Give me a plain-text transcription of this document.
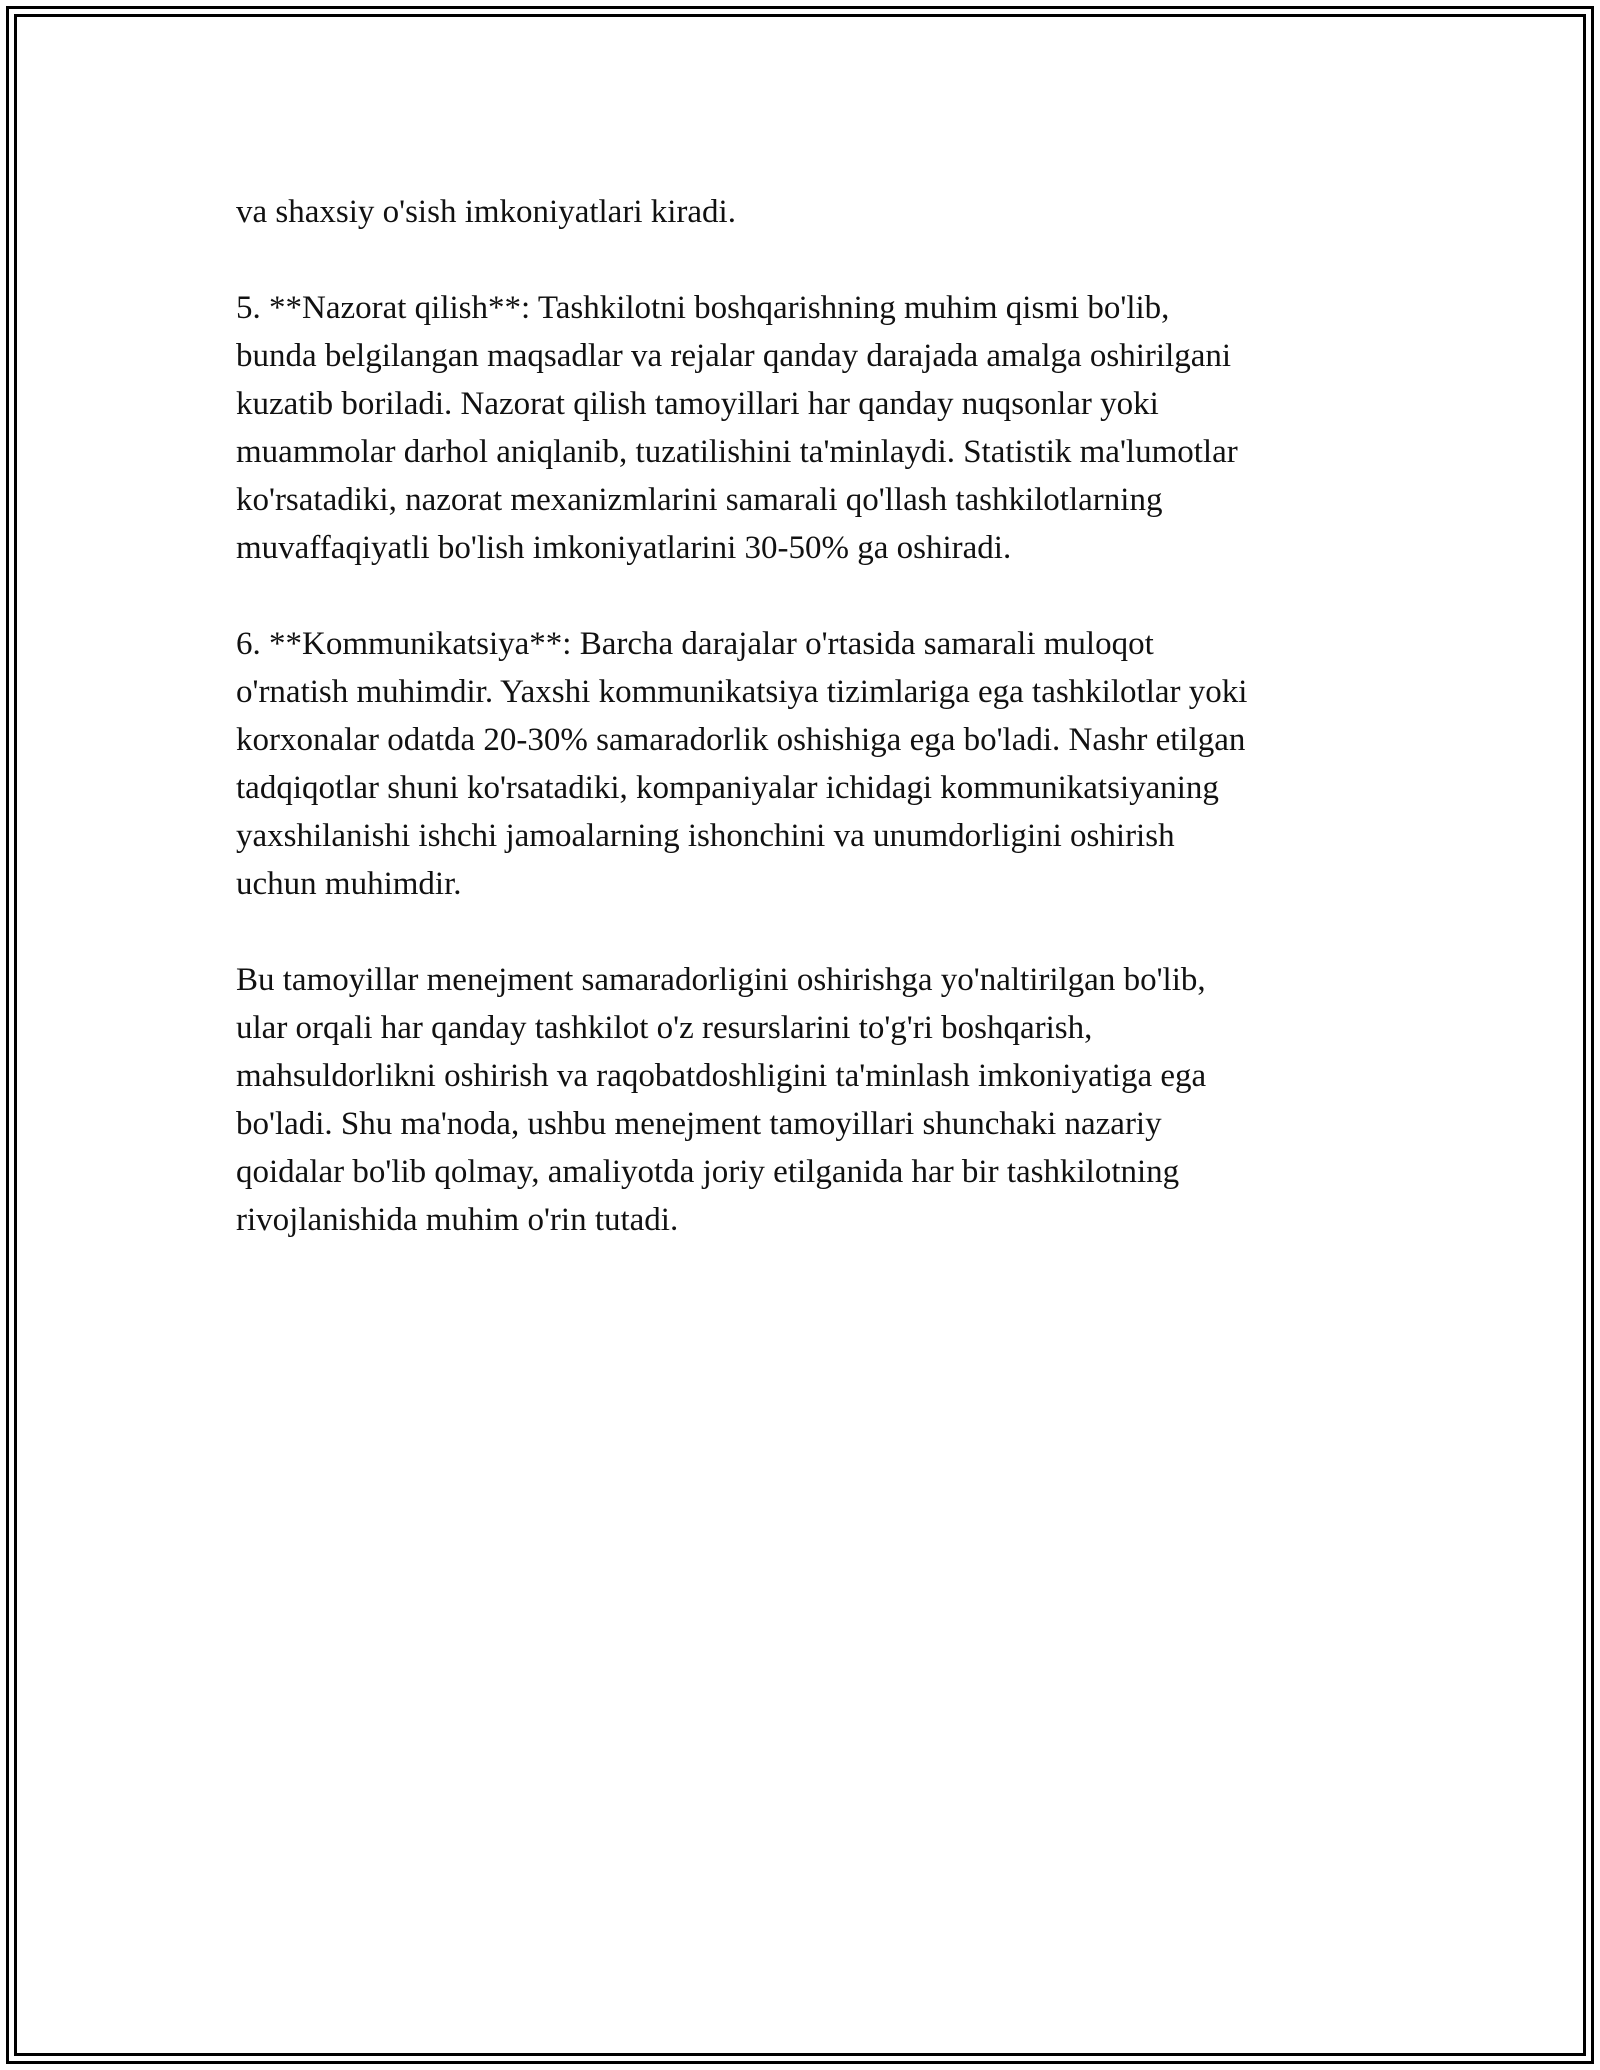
va shaxsiy o'sish imkoniyatlari kiradi.

5. **Nazorat qilish**: Tashkilotni boshqarishning muhim qismi bo'lib,
bunda belgilangan maqsadlar va rejalar qanday darajada amalga oshirilgani
kuzatib boriladi. Nazorat qilish tamoyillari har qanday nuqsonlar yoki
muammolar darhol aniqlanib, tuzatilishini ta'minlaydi. Statistik ma'lumotlar
ko'rsatadiki, nazorat mexanizmlarini samarali qo'llash tashkilotlarning
muvaffaqiyatli bo'lish imkoniyatlarini 30-50% ga oshiradi.

6. **Kommunikatsiya**: Barcha darajalar o'rtasida samarali muloqot
o'rnatish muhimdir. Yaxshi kommunikatsiya tizimlariga ega tashkilotlar yoki
korxonalar odatda 20-30% samaradorlik oshishiga ega bo'ladi. Nashr etilgan
tadqiqotlar shuni ko'rsatadiki, kompaniyalar ichidagi kommunikatsiyaning
yaxshilanishi ishchi jamoalarning ishonchini va unumdorligini oshirish
uchun muhimdir.

Bu tamoyillar menejment samaradorligini oshirishga yo'naltirilgan bo'lib,
ular orqali har qanday tashkilot o'z resurslarini to'g'ri boshqarish,
mahsuldorlikni oshirish va raqobatdoshligini ta'minlash imkoniyatiga ega
bo'ladi. Shu ma'noda, ushbu menejment tamoyillari shunchaki nazariy
qoidalar bo'lib qolmay, amaliyotda joriy etilganida har bir tashkilotning
rivojlanishida muhim o'rin tutadi.
